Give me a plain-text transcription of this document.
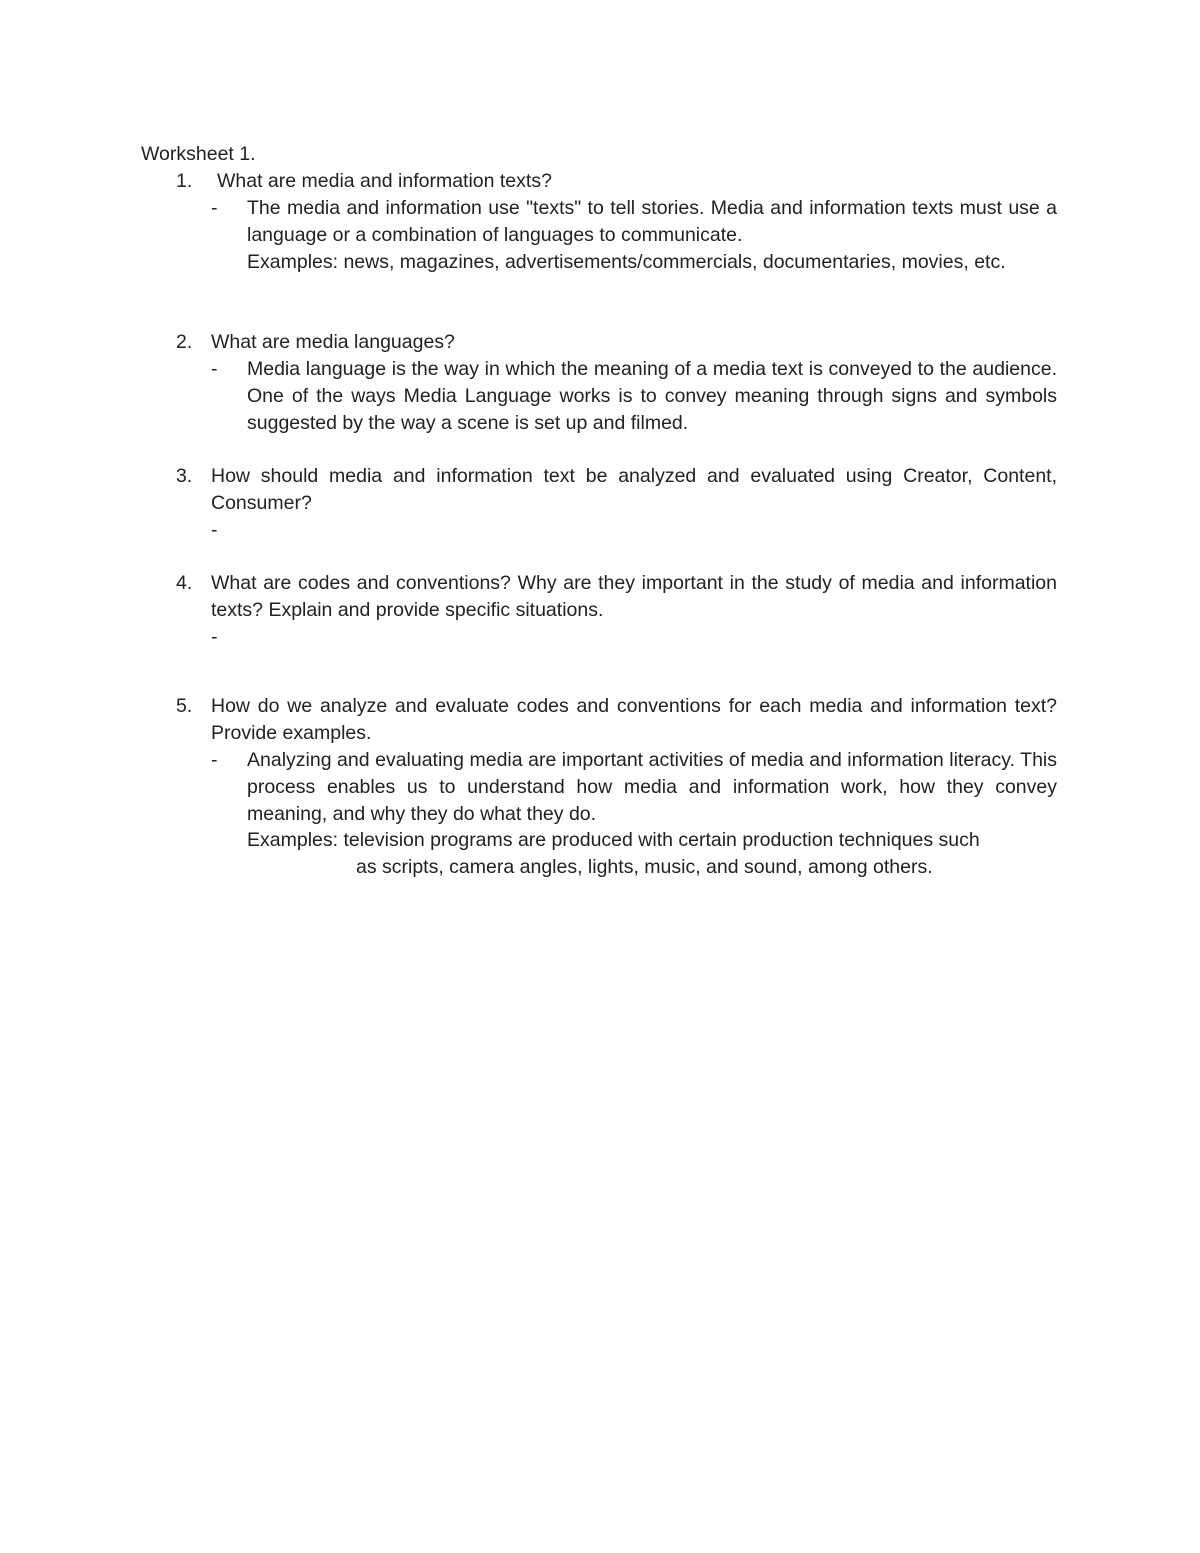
Worksheet 1.
1. What are media and information texts?
- The media and information use "texts" to tell stories. Media and information texts must use a language or a combination of languages to communicate.

Examples: news, magazines, advertisements/commercials, documentaries, movies, etc.

2. What are media languages?
- Media language is the way in which the meaning of a media text is conveyed to the audience. One of the ways Media Language works is to convey meaning through signs and symbols suggested by the way a scene is set up and filmed.

3. How should media and information text be analyzed and evaluated using Creator, Content, Consumer?
-
4. What are codes and conventions? Why are they important in the study of media and information texts? Explain and provide specific situations.
-
5. How do we analyze and evaluate codes and conventions for each media and information text? Provide examples.
- Analyzing and evaluating media are important activities of media and information literacy. This process enables us to understand how media and information work, how they convey meaning, and why they do what they do.

Examples: television programs are produced with certain production techniques such
as scripts, camera angles, lights, music, and sound, among others.
